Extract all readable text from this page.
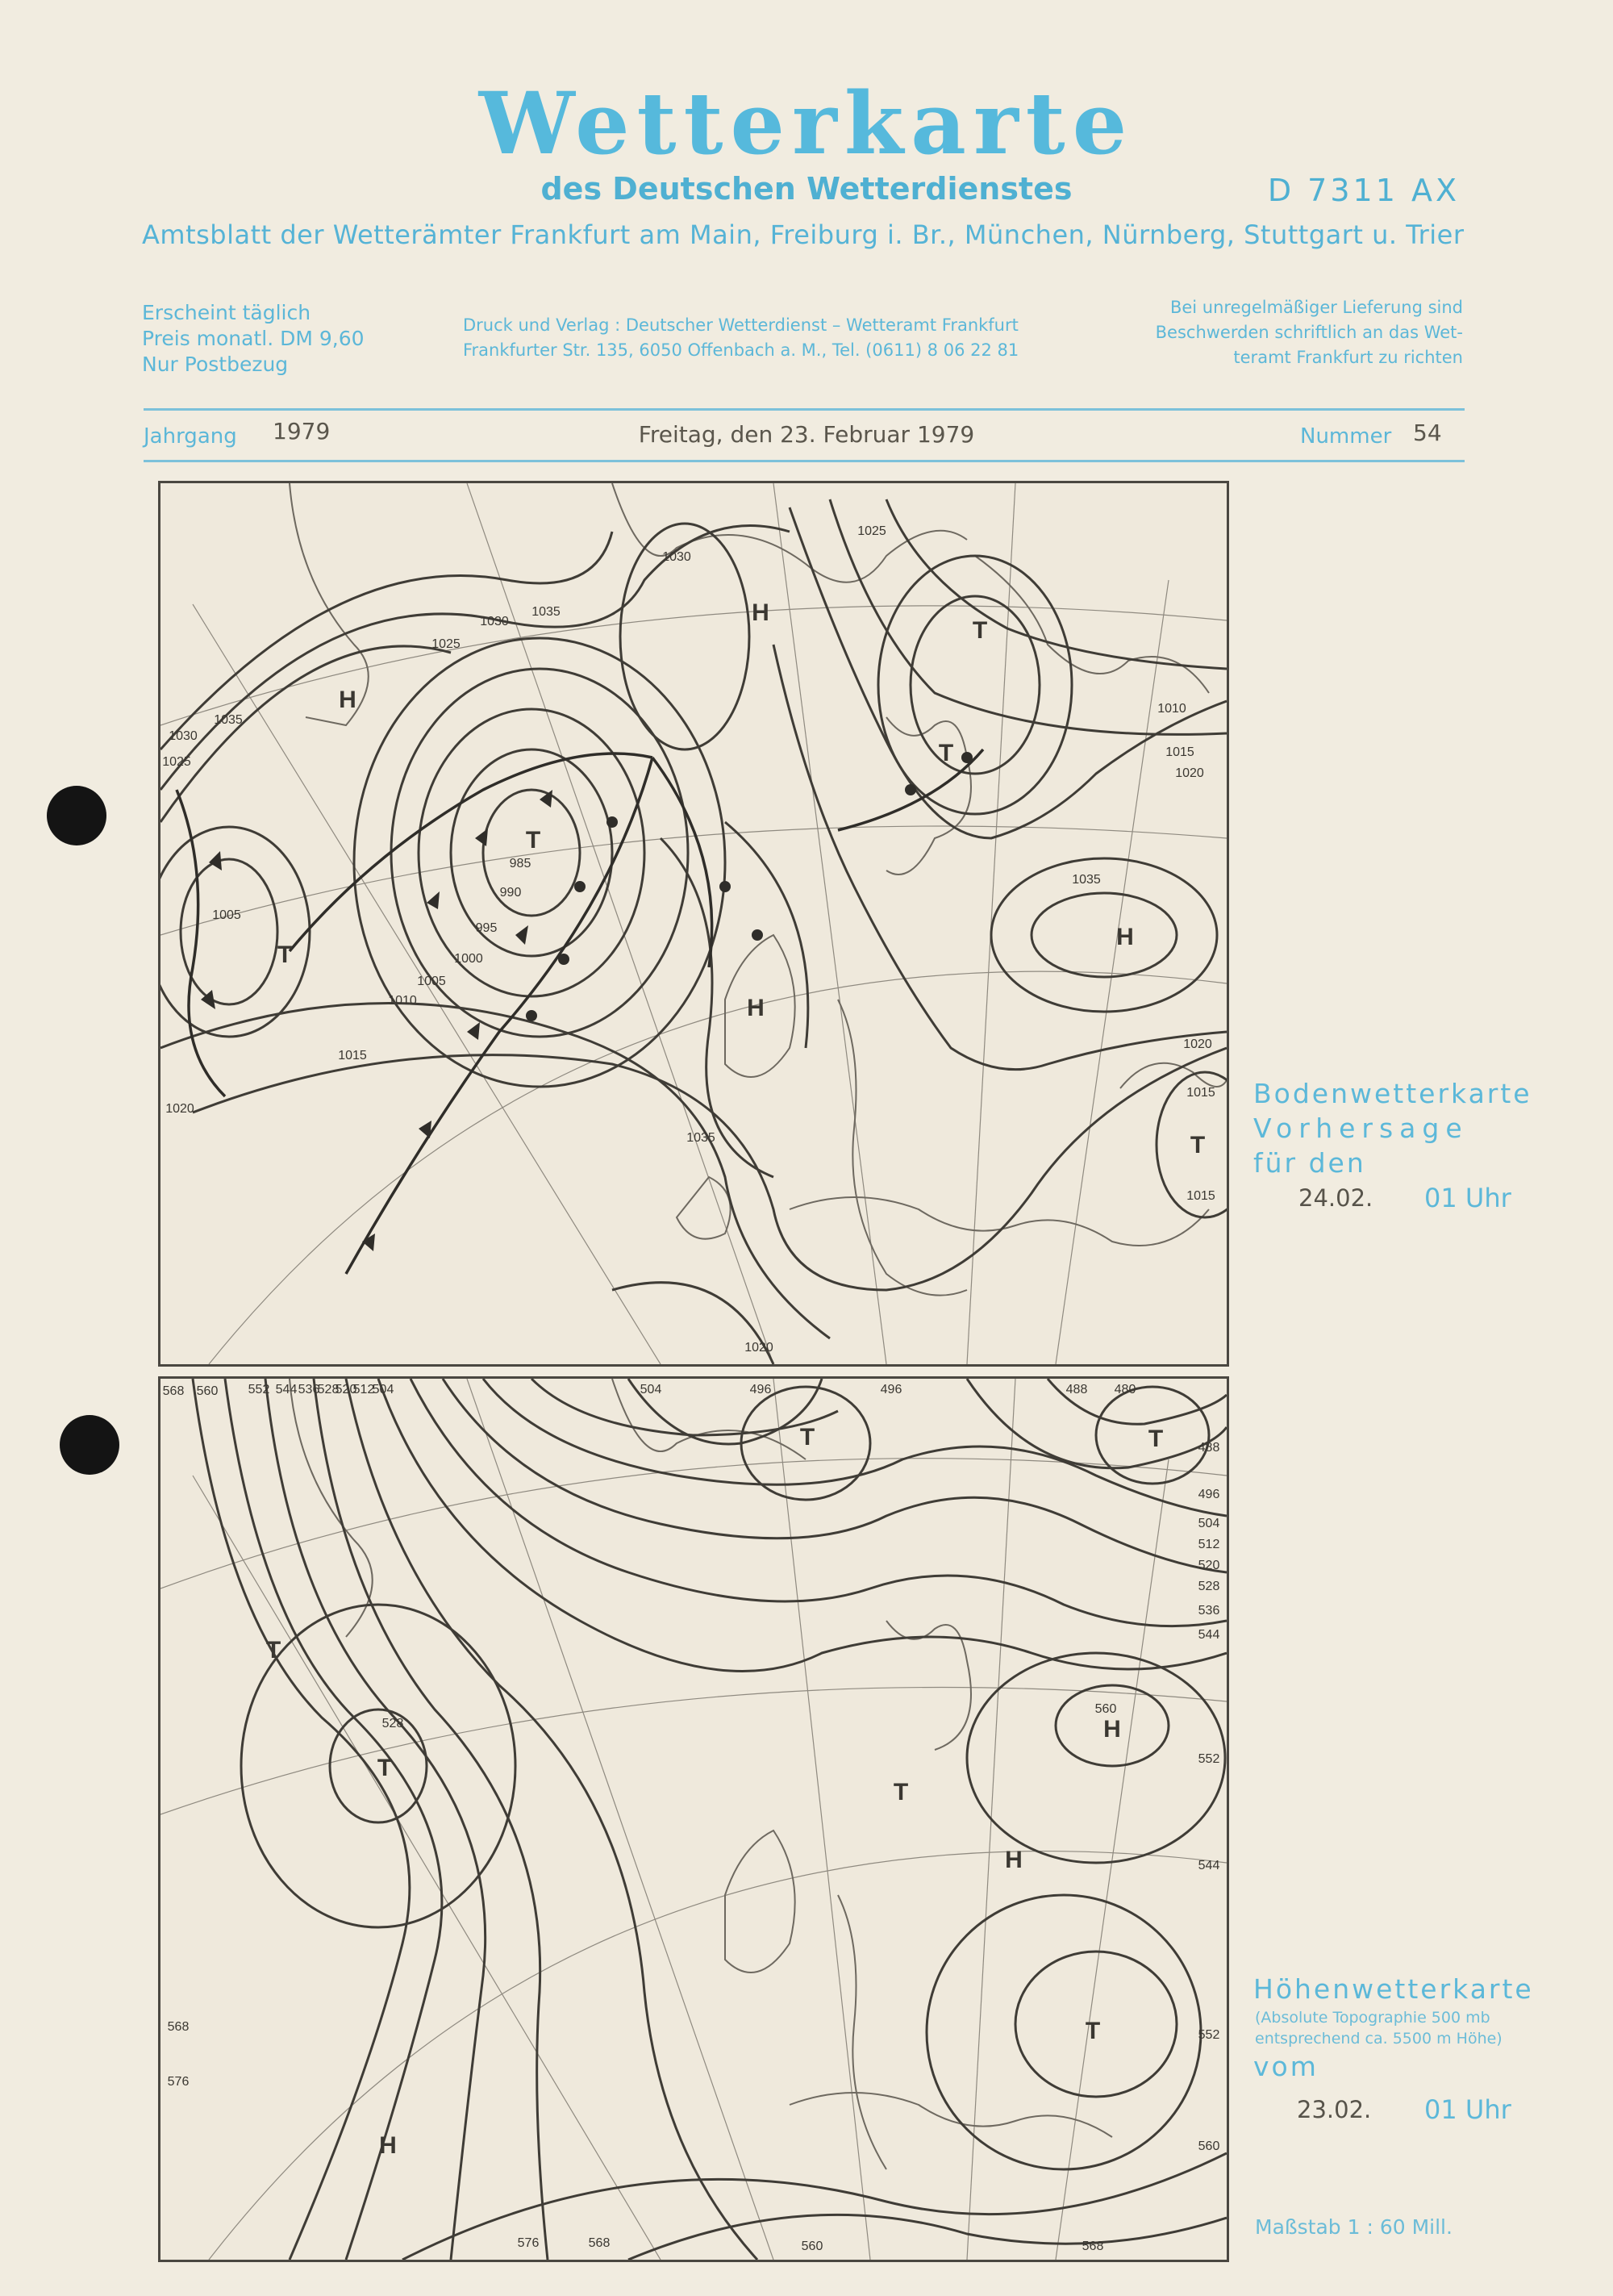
Wetterkarte
des Deutschen Wetterdienstes	D 7311 AX
Amtsblatt der Wetterämter Frankfurt am Main, Freiburg i. Br., München, Nürnberg, Stuttgart u. Trier
Erscheint täglich
Preis monatl. DM 9,60
Nur Postbezug
Druck und Verlag : Deutscher Wetterdienst – Wetteramt Frankfurt
Frankfurter Str. 135, 6050 Offenbach a. M., Tel. (0611) 8 06 22 81
Bei unregelmäßiger Lieferung sind
Beschwerden schriftlich an das Wet-
teramt Frankfurt zu richten
Jahrgang 1979	Freitag, den 23. Februar 1979	Nummer 54
H
T
H
T
T
H
T
H
T
1035
1030
1025
1005
1010
1015
1020
1025
1030
1035
1030
1025
1020
1015
1015
1020
1035
1035
985
990
995
1000
1005
1010
1015
1020
Bodenwetterkarte
Vorhersage
für den
24.02. 01 Uhr
T
T
T
T
H
H
T
H
T
568 560 552 544 536
528
520
512
504	504	496	496	488 480
488
496
504
512
520
528
536
544
552
544
552
560
528
560
568
576
576	568	560	568
Höhenwetterkarte
(Absolute Topographie 500 mb
entsprechend ca. 5500 m Höhe)
vom
23.02. 01 Uhr
Maßstab 1 : 60 Mill.
